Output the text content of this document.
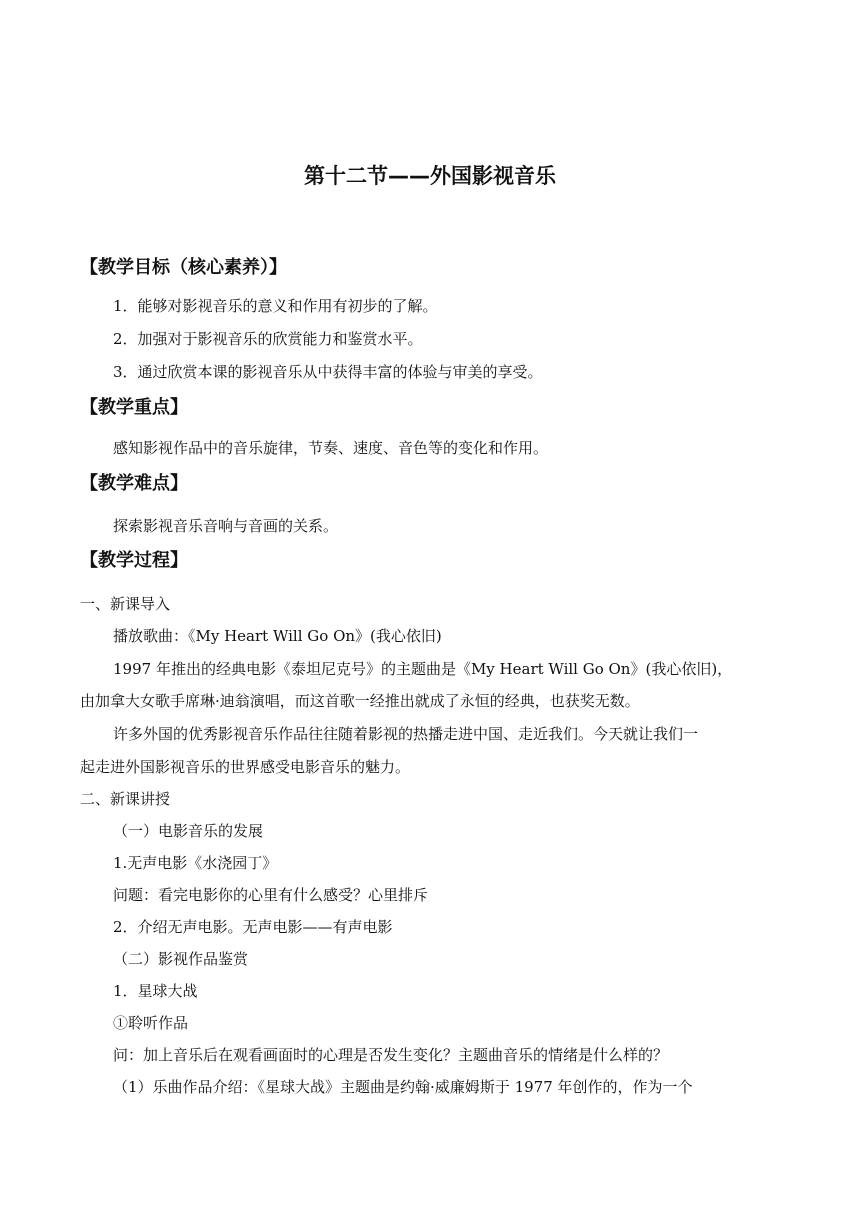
第十二节——外国影视音乐
【教学目标（核心素养）】
1．能够对影视音乐的意义和作用有初步的了解。
2．加强对于影视音乐的欣赏能力和鉴赏水平。
3．通过欣赏本课的影视音乐从中获得丰富的体验与审美的享受。
【教学重点】
感知影视作品中的音乐旋律，节奏、速度、音色等的变化和作用。
【教学难点】
探索影视音乐音响与音画的关系。
【教学过程】
一、新课导入
播放歌曲：《My Heart Will Go On》(我心依旧)
1997 年推出的经典电影《泰坦尼克号》的主题曲是《My Heart Will Go On》(我心依旧)，
由加拿大女歌手席琳·迪翁演唱，而这首歌一经推出就成了永恒的经典，也获奖无数。
许多外国的优秀影视音乐作品往往随着影视的热播走进中国、走近我们。今天就让我们一
起走进外国影视音乐的世界感受电影音乐的魅力。
二、新课讲授
（一）电影音乐的发展
1.无声电影《水浇园丁》
问题：看完电影你的心里有什么感受？心里排斥
2．介绍无声电影。无声电影——有声电影
（二）影视作品鉴赏
1．星球大战
①聆听作品
问：加上音乐后在观看画面时的心理是否发生变化？主题曲音乐的情绪是什么样的？
（1）乐曲作品介绍：《星球大战》主题曲是约翰·威廉姆斯于 1977 年创作的，作为一个
